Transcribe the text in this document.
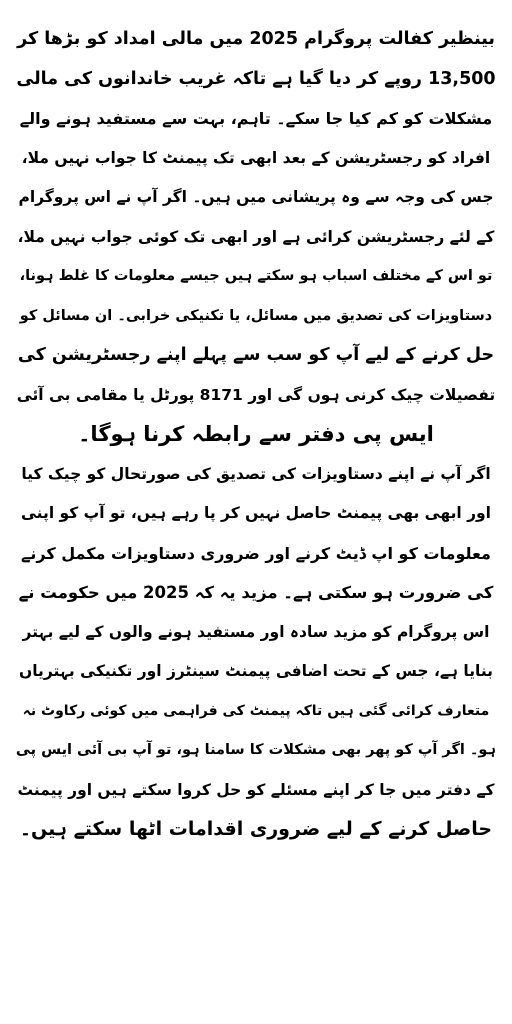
بینظیر کفالت پروگرام 2025 میں مالی امداد کو بڑھا کر
13,500 روپے کر دیا گیا ہے تاکہ غریب خاندانوں کی مالی
مشکلات کو کم کیا جا سکے۔ تاہم، بہت سے مستفید ہونے والے
افراد کو رجسٹریشن کے بعد ابھی تک پیمنٹ کا جواب نہیں ملا،
جس کی وجہ سے وہ پریشانی میں ہیں۔ اگر آپ نے اس پروگرام
کے لئے رجسٹریشن کرائی ہے اور ابھی تک کوئی جواب نہیں ملا،
تو اس کے مختلف اسباب ہو سکتے ہیں جیسے معلومات کا غلط ہونا،
دستاویزات کی تصدیق میں مسائل، یا تکنیکی خرابی۔ ان مسائل کو
حل کرنے کے لیے آپ کو سب سے پہلے اپنے رجسٹریشن کی
تفصیلات چیک کرنی ہوں گی اور 8171 پورٹل یا مقامی بی آئی
ایس پی دفتر سے رابطہ کرنا ہوگا۔
اگر آپ نے اپنے دستاویزات کی تصدیق کی صورتحال کو چیک کیا
اور ابھی بھی پیمنٹ حاصل نہیں کر پا رہے ہیں، تو آپ کو اپنی
معلومات کو اپ ڈیٹ کرنے اور ضروری دستاویزات مکمل کرنے
کی ضرورت ہو سکتی ہے۔ مزید یہ کہ 2025 میں حکومت نے
اس پروگرام کو مزید سادہ اور مستفید ہونے والوں کے لیے بہتر
بنایا ہے، جس کے تحت اضافی پیمنٹ سینٹرز اور تکنیکی بہتریاں
متعارف کرائی گئی ہیں تاکہ پیمنٹ کی فراہمی میں کوئی رکاوٹ نہ
ہو۔ اگر آپ کو پھر بھی مشکلات کا سامنا ہو، تو آپ بی آئی ایس پی
کے دفتر میں جا کر اپنے مسئلے کو حل کروا سکتے ہیں اور پیمنٹ
حاصل کرنے کے لیے ضروری اقدامات اٹھا سکتے ہیں۔
